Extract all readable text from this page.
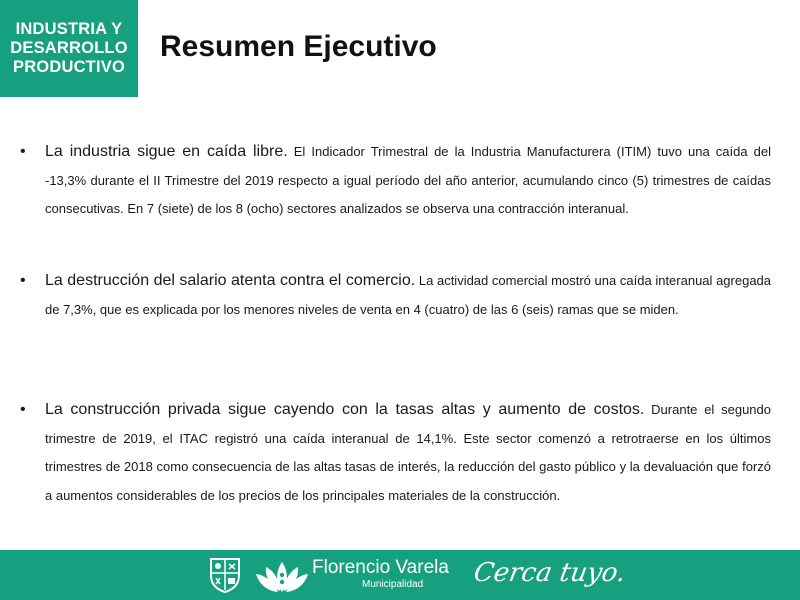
INDUSTRIA Y
DESARROLLO
PRODUCTIVO
Resumen Ejecutivo
• La industria sigue en caída libre. El Indicador Trimestral de la Industria Manufacturera (ITIM) tuvo una caída del -13,3% durante el II Trimestre del 2019 respecto a igual período del año anterior, acumulando cinco (5) trimestres de caídas consecutivas. En 7 (siete) de los 8 (ocho) sectores analizados se observa una contracción interanual.

• La destrucción del salario atenta contra el comercio. La actividad comercial mostró una caída interanual agregada de 7,3%, que es explicada por los menores niveles de venta en 4 (cuatro) de las 6 (seis) ramas que se miden.

• La construcción privada sigue cayendo con la tasas altas y aumento de costos. Durante el segundo trimestre de 2019, el ITAC registró una caída interanual de 14,1%. Este sector comenzó a retrotraerse en los últimos trimestres de 2018 como consecuencia de las altas tasas de interés, la reducción del gasto público y la devaluación que forzó a aumentos considerables de los precios de los principales materiales de la construcción.

Florencio Varela
Municipalidad Cerca tuyo.
